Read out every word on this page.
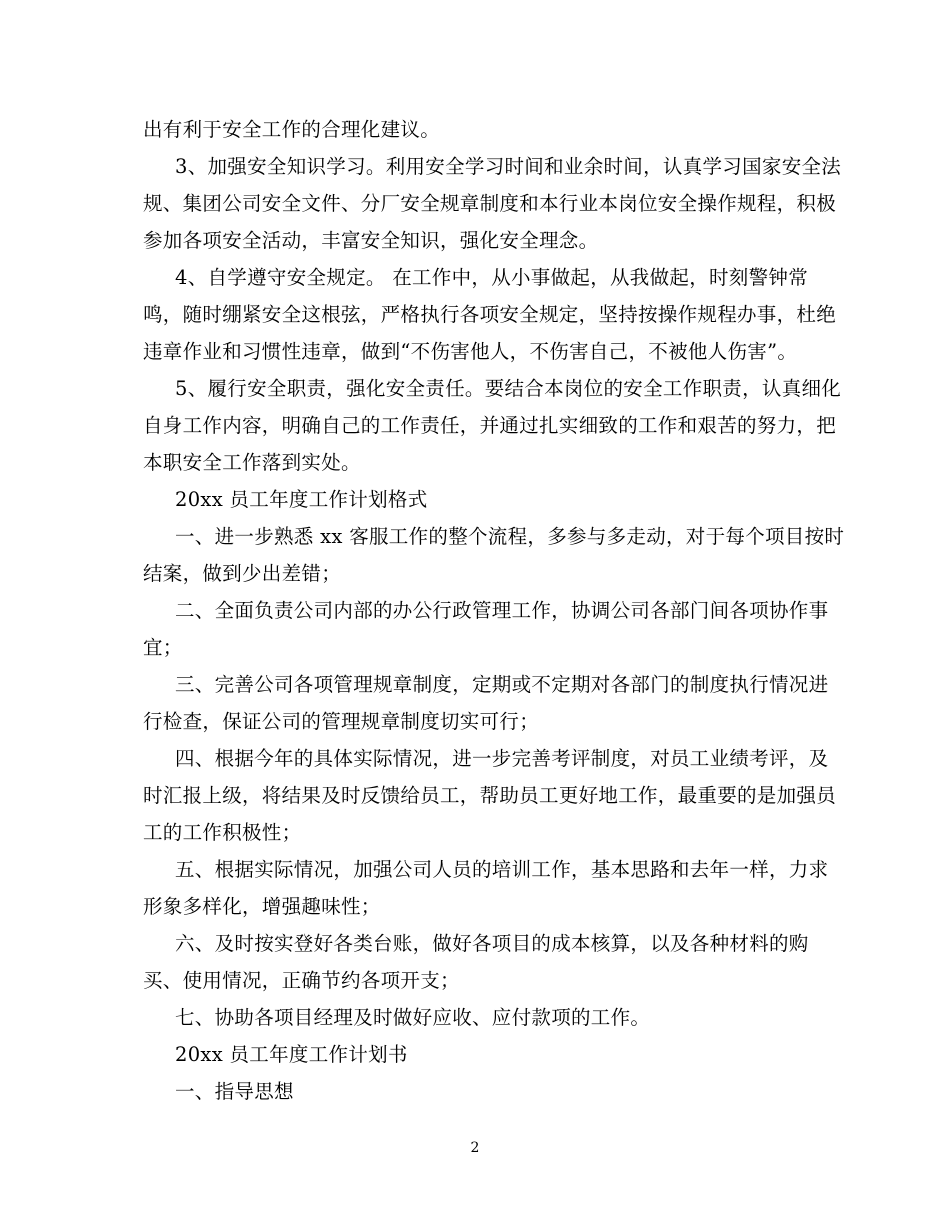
出有利于安全工作的合理化建议。
3、加强安全知识学习。利用安全学习时间和业余时间，认真学习国家安全法
规、集团公司安全文件、分厂安全规章制度和本行业本岗位安全操作规程，积极
参加各项安全活动，丰富安全知识，强化安全理念。
4、自学遵守安全规定。 在工作中，从小事做起，从我做起，时刻警钟常
鸣，随时绷紧安全这根弦，严格执行各项安全规定，坚持按操作规程办事，杜绝
违章作业和习惯性违章，做到“不伤害他人，不伤害自己，不被他人伤害”。
5、履行安全职责，强化安全责任。要结合本岗位的安全工作职责，认真细化
自身工作内容，明确自己的工作责任，并通过扎实细致的工作和艰苦的努力，把
本职安全工作落到实处。
20xx 员工年度工作计划格式
一、进一步熟悉 xx 客服工作的整个流程，多参与多走动，对于每个项目按时
结案，做到少出差错；
二、全面负责公司内部的办公行政管理工作，协调公司各部门间各项协作事
宜；
三、完善公司各项管理规章制度，定期或不定期对各部门的制度执行情况进
行检查，保证公司的管理规章制度切实可行；
四、根据今年的具体实际情况，进一步完善考评制度，对员工业绩考评，及
时汇报上级，将结果及时反馈给员工，帮助员工更好地工作，最重要的是加强员
工的工作积极性；
五、根据实际情况，加强公司人员的培训工作，基本思路和去年一样，力求
形象多样化，增强趣味性；
六、及时按实登好各类台账，做好各项目的成本核算，以及各种材料的购
买、使用情况，正确节约各项开支；
七、协助各项目经理及时做好应收、应付款项的工作。
20xx 员工年度工作计划书
一、指导思想
2
